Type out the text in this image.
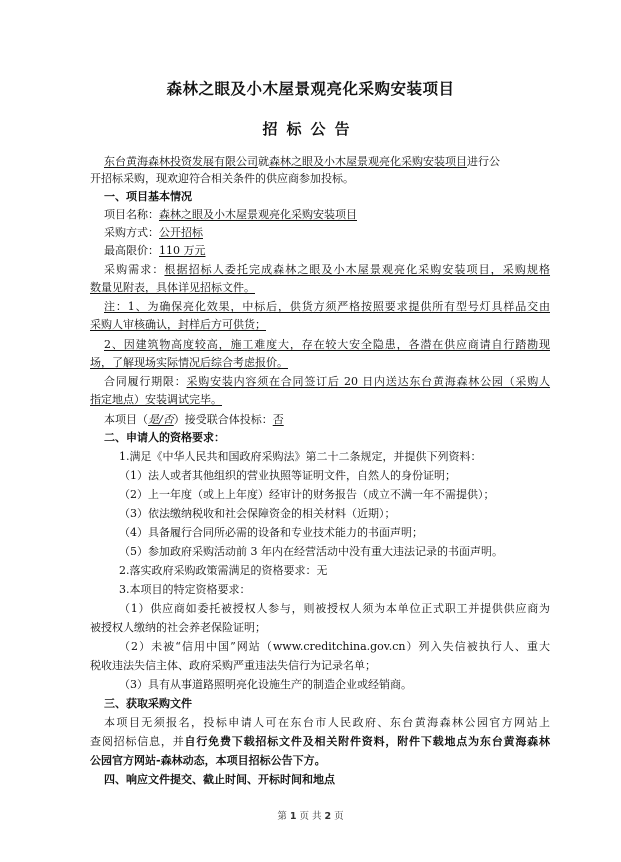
森林之眼及小木屋景观亮化采购安装项目
招标公告
东台黄海森林投资发展有限公司就森林之眼及小木屋景观亮化采购安装项目进行公
开招标采购，现欢迎符合相关条件的供应商参加投标。
一、项目基本情况
项目名称：森林之眼及小木屋景观亮化采购安装项目
采购方式：公开招标
最高限价：110 万元
采购需求：根据招标人委托完成森林之眼及小木屋景观亮化采购安装项目，采购规格
数量见附表，具体详见招标文件。
注：1、为确保亮化效果，中标后，供货方须严格按照要求提供所有型号灯具样品交由
采购人审核确认，封样后方可供货；
2、因建筑物高度较高，施工难度大，存在较大安全隐患，各潜在供应商请自行踏勘现
场，了解现场实际情况后综合考虑报价。
合同履行期限：采购安装内容须在合同签订后 20 日内送达东台黄海森林公园（采购人
指定地点）安装调试完毕。
本项目（是/否）接受联合体投标：否
二、申请人的资格要求：
1.满足《中华人民共和国政府采购法》第二十二条规定，并提供下列资料：
（1）法人或者其他组织的营业执照等证明文件，自然人的身份证明；
（2）上一年度（或上上年度）经审计的财务报告（成立不满一年不需提供）；
（3）依法缴纳税收和社会保障资金的相关材料（近期）；
（4）具备履行合同所必需的设备和专业技术能力的书面声明；
（5）参加政府采购活动前 3 年内在经营活动中没有重大违法记录的书面声明。
2.落实政府采购政策需满足的资格要求：无
3.本项目的特定资格要求：
（1）供应商如委托被授权人参与，则被授权人须为本单位正式职工并提供供应商为
被授权人缴纳的社会养老保险证明；
（2）未被“信用中国”网站（www.creditchina.gov.cn）列入失信被执行人、重大
税收违法失信主体、政府采购严重违法失信行为记录名单；
（3）具有从事道路照明亮化设施生产的制造企业或经销商。
三、获取采购文件
本项目无须报名，投标申请人可在东台市人民政府、东台黄海森林公园官方网站上
查阅招标信息，并自行免费下载招标文件及相关附件资料，附件下载地点为东台黄海森林
公园官方网站-森林动态，本项目招标公告下方。
四、响应文件提交、截止时间、开标时间和地点
第 1 页 共 2 页
